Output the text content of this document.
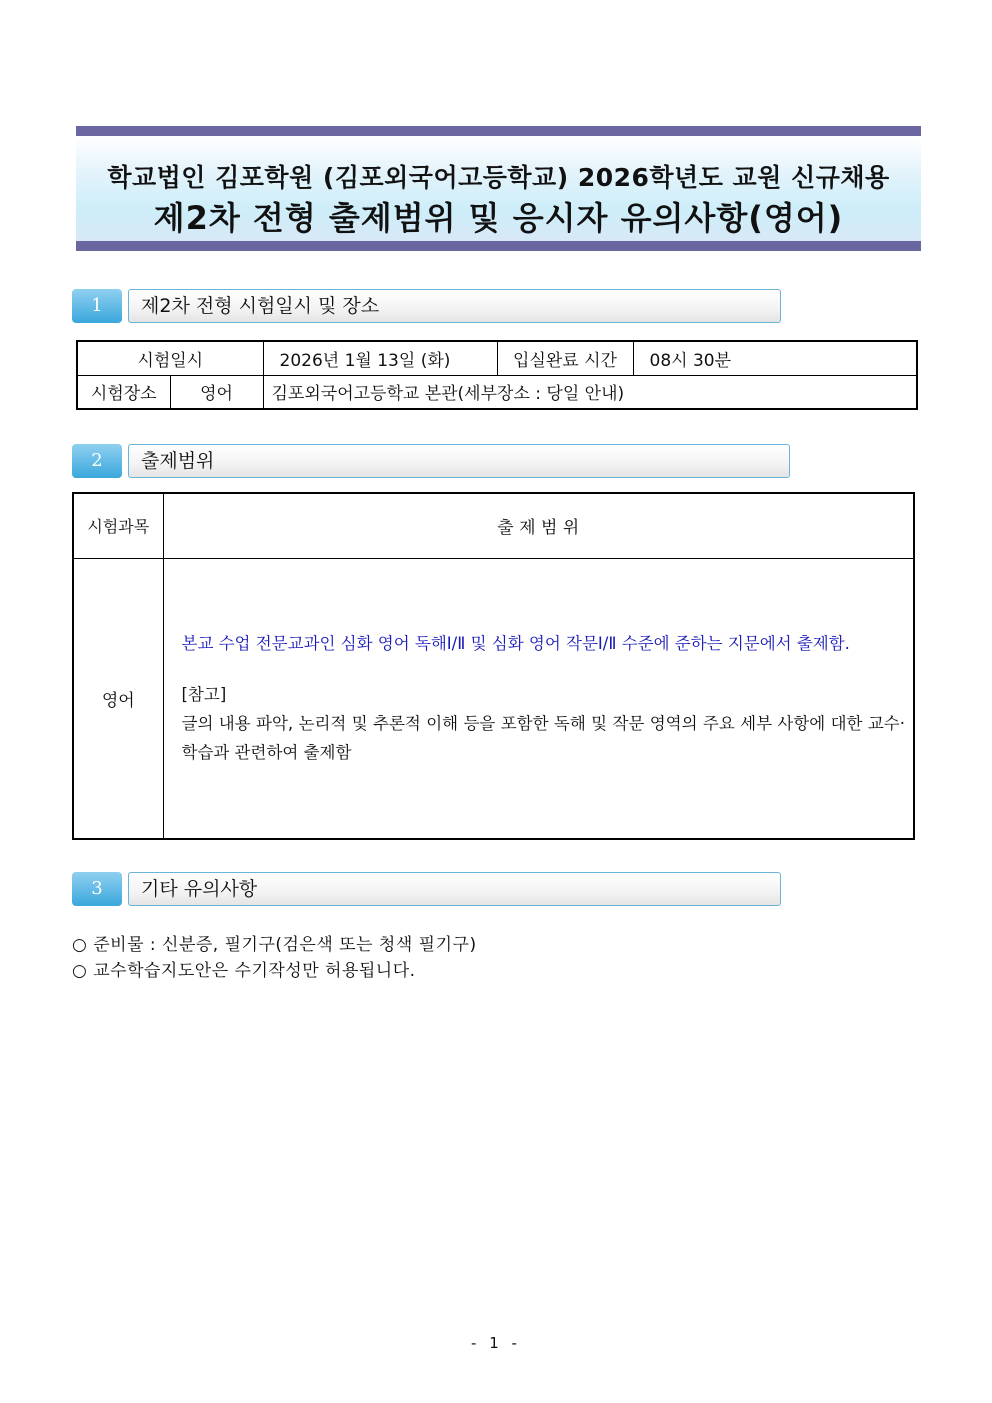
학교법인 김포학원 (김포외국어고등학교) 2026학년도 교원 신규채용
제2차 전형 출제범위 및 응시자 유의사항(영어)
1	제2차 전형 시험일시 및 장소
시험일시		2026년 1월 13일 (화)	입실완료 시간	08시 30분
시험장소	영어	김포외국어고등학교 본관(세부장소 : 당일 안내)		
2	출제범위
시험과목	출 제 범 위
영어	본교 수업 전문교과인 심화 영어 독해Ⅰ/Ⅱ 및 심화 영어 작문Ⅰ/Ⅱ 수준에 준하는 지문에서 출제함.
[참고]
글의 내용 파악, 논리적 및 추론적 이해 등을 포함한 독해 및 작문 영역의 주요 세부 사항에 대한 교수·학습과 관련하여 출제함
3	기타 유의사항
○ 준비물 : 신분증, 필기구(검은색 또는 청색 필기구)
○ 교수학습지도안은 수기작성만 허용됩니다.
- 1 -
